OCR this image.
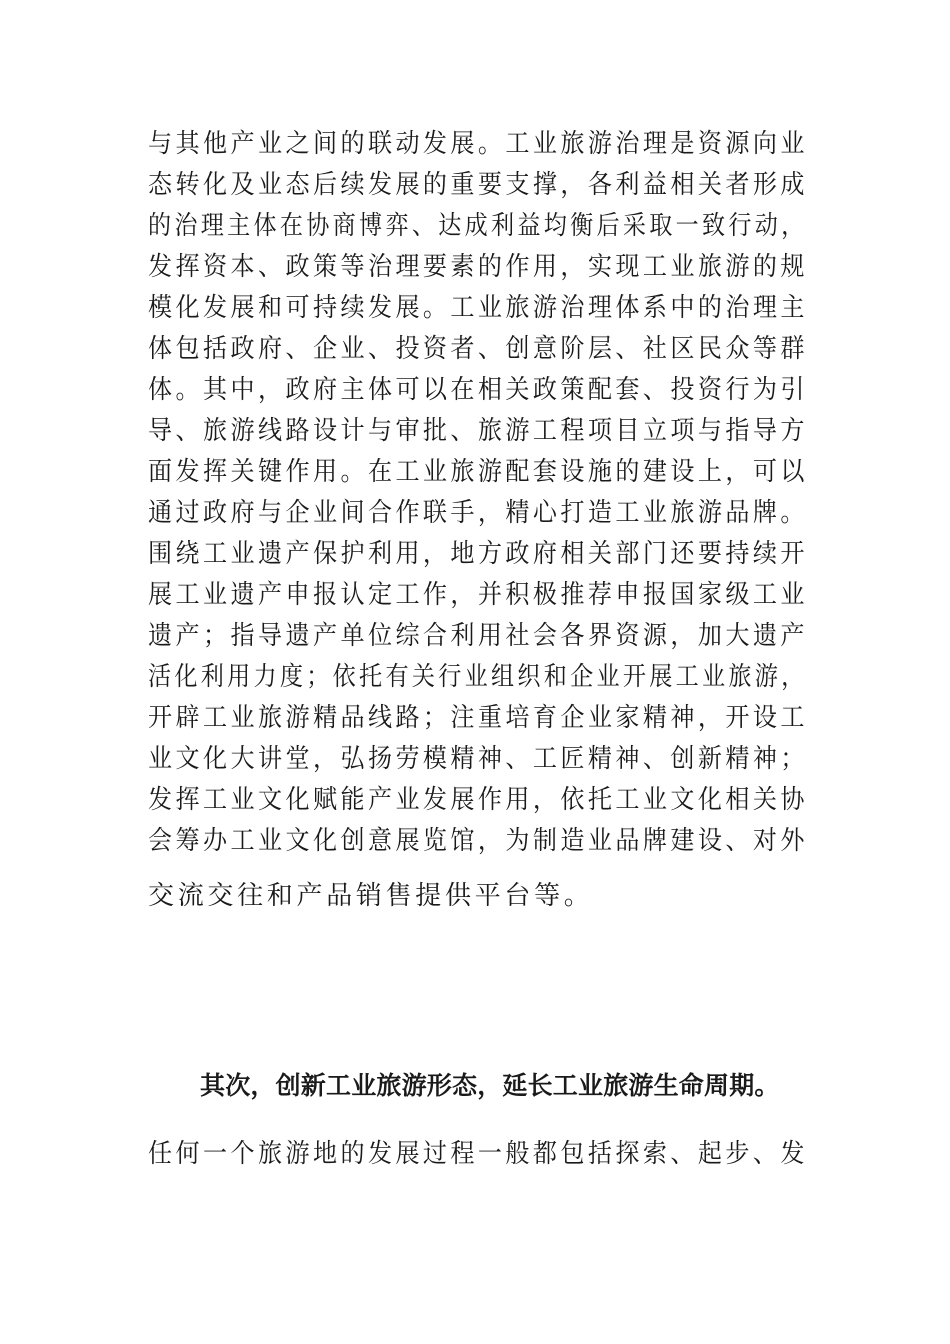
与其他产业之间的联动发展。工业旅游治理是资源向业
态转化及业态后续发展的重要支撑，各利益相关者形成
的治理主体在协商博弈、达成利益均衡后采取一致行动，
发挥资本、政策等治理要素的作用，实现工业旅游的规
模化发展和可持续发展。工业旅游治理体系中的治理主
体包括政府、企业、投资者、创意阶层、社区民众等群
体。其中，政府主体可以在相关政策配套、投资行为引
导、旅游线路设计与审批、旅游工程项目立项与指导方
面发挥关键作用。在工业旅游配套设施的建设上，可以
通过政府与企业间合作联手，精心打造工业旅游品牌。
围绕工业遗产保护利用，地方政府相关部门还要持续开
展工业遗产申报认定工作，并积极推荐申报国家级工业
遗产；指导遗产单位综合利用社会各界资源，加大遗产
活化利用力度；依托有关行业组织和企业开展工业旅游，
开辟工业旅游精品线路；注重培育企业家精神，开设工
业文化大讲堂，弘扬劳模精神、工匠精神、创新精神；
发挥工业文化赋能产业发展作用，依托工业文化相关协
会筹办工业文化创意展览馆，为制造业品牌建设、对外
交流交往和产品销售提供平台等。
其次，创新工业旅游形态，延长工业旅游生命周期。

任何一个旅游地的发展过程一般都包括探索、起步、发
